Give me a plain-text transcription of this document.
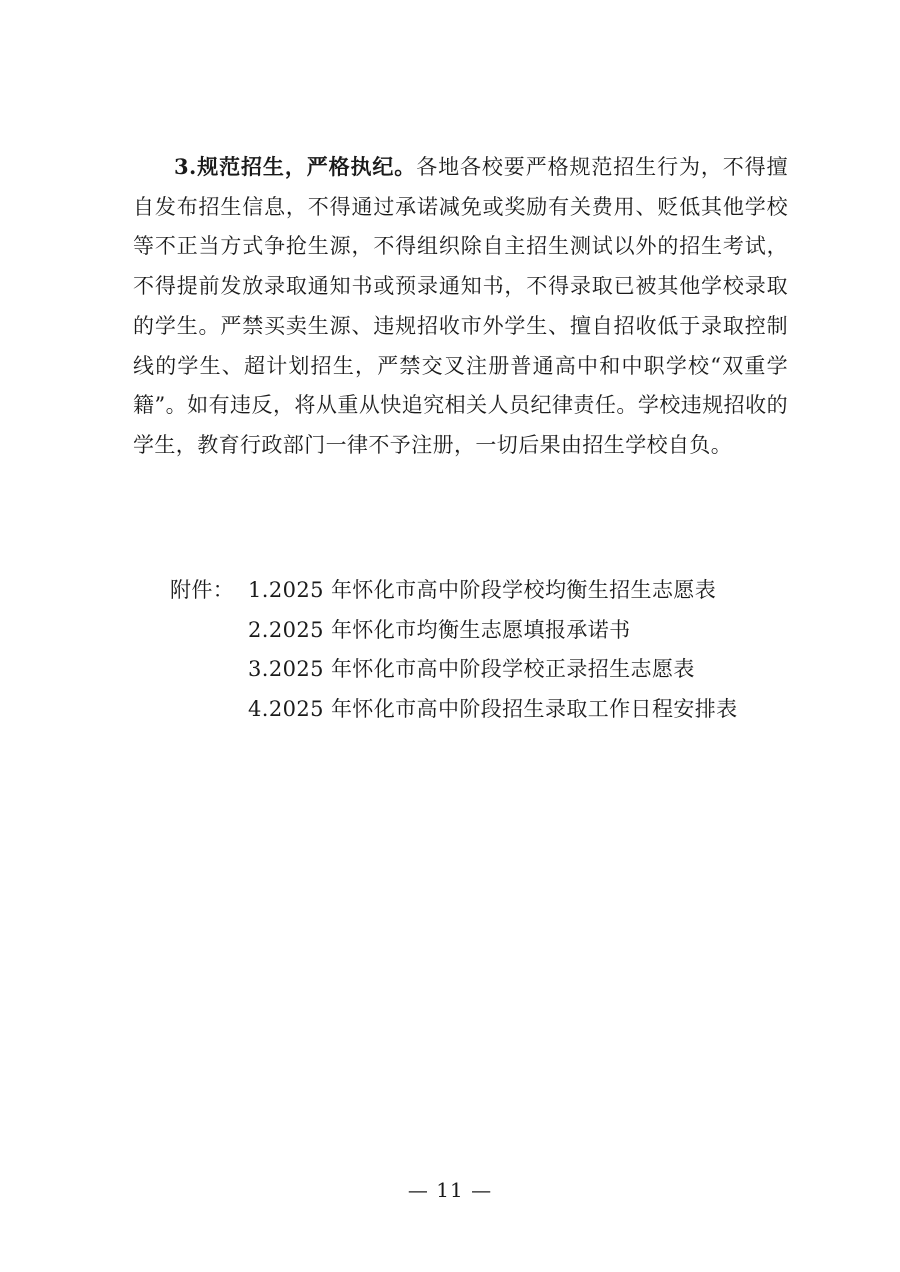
3.规范招生，严格执纪。各地各校要严格规范招生行为，不得擅自发布招生信息，不得通过承诺减免或奖励有关费用、贬低其他学校等不正当方式争抢生源，不得组织除自主招生测试以外的招生考试，不得提前发放录取通知书或预录通知书，不得录取已被其他学校录取的学生。严禁买卖生源、违规招收市外学生、擅自招收低于录取控制线的学生、超计划招生，严禁交叉注册普通高中和中职学校“双重学籍”。如有违反，将从重从快追究相关人员纪律责任。学校违规招收的学生，教育行政部门一律不予注册，一切后果由招生学校自负。

附件： 1.2025 年怀化市高中阶段学校均衡生招生志愿表
2.2025 年怀化市均衡生志愿填报承诺书
3.2025 年怀化市高中阶段学校正录招生志愿表
4.2025 年怀化市高中阶段招生录取工作日程安排表
— 11 —
